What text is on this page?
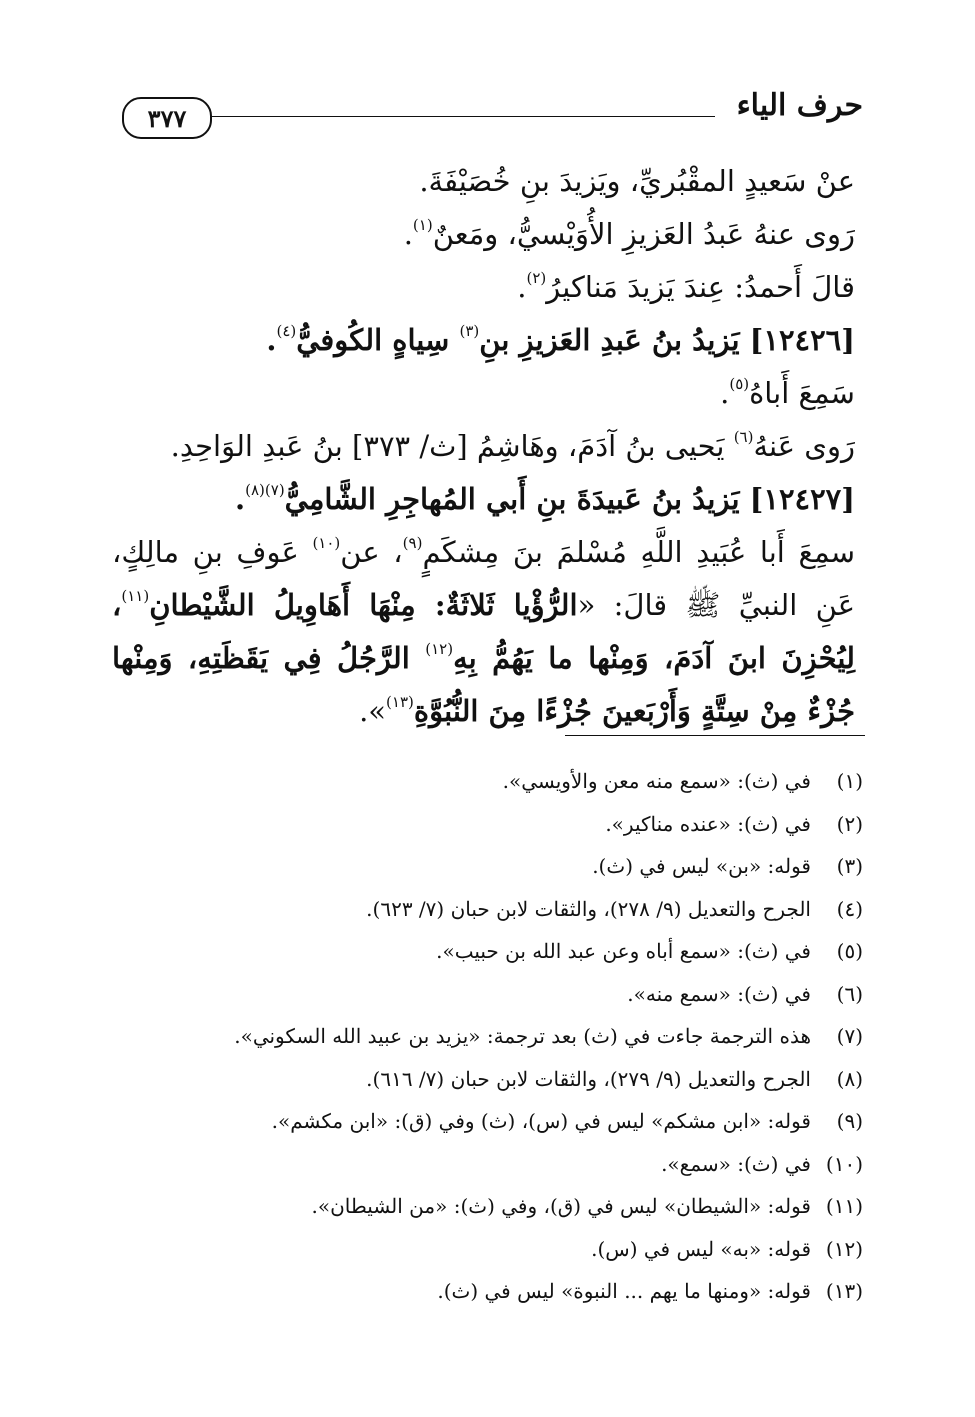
حرف الياء
٣٧٧

عنْ سَعيدٍ المقْبُريِّ، ويَزيدَ بنِ خُصَيْفَةَ.

رَوى عنهُ عَبدُ العَزيزِ الأُوَيْسيُّ، ومَعنٌ$^{(١)}$.

قالَ أَحمدُ: عِندَ يَزيدَ مَناكيرُ$^{(٢)}$.

[١٢٤٢٦] يَزيدُ بنُ عَبدِ العَزيزِ بنِ$^{(٣)}$ سِياهٍ الكُوفيُّ$^{(٤)}$.

سَمِعَ أَباهُ$^{(٥)}$.

رَوى عَنهُ$^{(٦)}$ يَحيى بنُ آدَمَ، وهَاشِمُ [ث/ ٣٧٣] بنُ عَبدِ الوَاحِدِ.

[١٢٤٢٧] يَزيدُ بنُ عَبيدَةَ بنِ أَبي المُهاجِرِ الشَّامِيُّ$^{(٧)(٨)}$.

سمِعَ أَبا عُبَيدِ اللَّهِ مُسْلمَ بنَ مِشكَمٍ$^{(٩)}$، عن$^{(١٠)}$ عَوفِ بنِ مالِكٍ، عَنِ النبيِّ ﷺ قالَ: «الرُّؤْيا ثَلاثَةٌ: مِنْهَا أَهَاوِيلُ الشَّيْطانِ$^{(١١)}$، لِيُحْزِنَ ابنَ آدَمَ، وَمِنْها ما يَهُمُّ بِهِ$^{(١٢)}$ الرَّجُلُ فِي يَقَظَتِهِ، وَمِنْها جُزْءٌ مِنْ سِتَّةٍ وَأَرْبَعينَ جُزْءًا مِنَ النُّبُوَّةِ$^{(١٣)}$».

(١)
في (ث): «سمع منه معن والأويسي».
(٢)
في (ث): «عنده مناكير».
(٣)
قوله: «بن» ليس في (ث).
(٤)
الجرح والتعديل (٩/ ٢٧٨)، والثقات لابن حبان (٧/ ٦٢٣).
(٥)
في (ث): «سمع أباه وعن عبد الله بن حبيب».
(٦)
في (ث): «سمع منه».
(٧)
هذه الترجمة جاءت في (ث) بعد ترجمة: «يزيد بن عبيد الله السكوني».
(٨)
الجرح والتعديل (٩/ ٢٧٩)، والثقات لابن حبان (٧/ ٦١٦).
(٩)
قوله: «ابن مشكم» ليس في (س)، (ث) وفي (ق): «ابن مكشم».
(١٠)
في (ث): «سمع».
(١١)
قوله: «الشيطان» ليس في (ق)، وفي (ث): «من الشيطان».
(١٢)
قوله: «به» ليس في (س).
(١٣)
قوله: «ومنها ما يهم ... النبوة» ليس في (ث).
